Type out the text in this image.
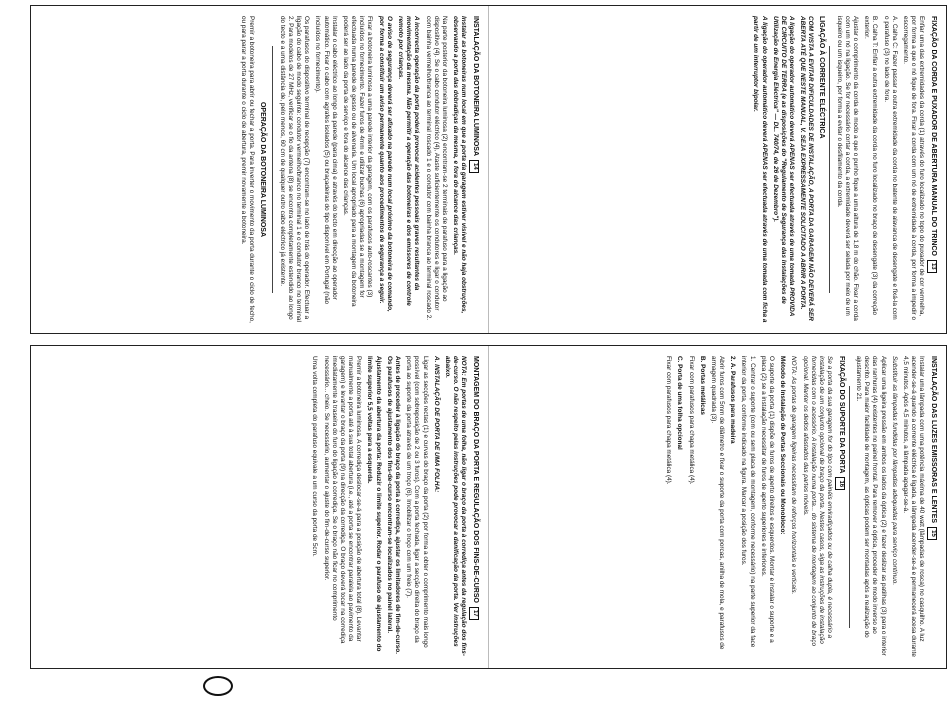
FIXAÇÃO DA CORDA E PUXADOR DE ABERTURA MANUAL DO TRINCO13

Enfiar uma das extremidades da corda (1) através do furo localizado no topo do puxador de cor vermelha, por forma a que o nó fique de fora. Fixar a corda com um nó de extremidade à corda, por forma a impedir o escorregamento.

A. Calha C: Fazer passar a outra extremidade da corda no batente de alavanca de desengate e fixá-la com o parafuso (3) no lado de fora.

B. Calha T: Enfiar a outra extremidade da corda no furo localizado no braço de desengate (3) da correção exterior.

Ajustar o comprimento da corda de modo a que o punho fique a uma altura de 1,8 m do chão. Fixar a corda com um nó na ligação. Se for necessário cortar a corda, a extremidade deverá ser selada por meio de um isqueiro ou um isqueiro, por forma a evitar o desfilamento da corda.

LIGAÇÃO À CORRENTE ELÉCTRICA

COM VISTA A EVITAR DIFICULDADES DE INSTALAÇÃO, A PORTA DA GARAGEM NÃO DEVERÁ SER ABERTA ATÉ QUE NESTE MANUAL, V. SEJA EXPRESSAMENTE SOLICITADO A ABRIR A PORTA.

A ligação do operador automático deverá APENAS ser efectuada através de uma tomada PROVIDA DE CIRCUITO DE TERRA (e as disposições do "Regulamento de Segurança das Instalações de Utilização de Energia Eléctrica" — DL. 740/74, de 26 de Dezembro").

A ligação do operador automático deverá APENAS ser efectuada através de uma tomada com ficha a partir de um interruptor bipolar.

INSTALAÇÃO DA BOTONEIRA LUMINOSA14

Instalar as botoneiras num local em que a porta da garagem estiver visível e não haja obstruções, observando a porta das dobradiças da mesma, e fora do alcance das crianças.

Na parte posterior da botoneira luminosa (2) encontram-se 2 terminais de parafuso para a ligação ao dispositivo (4). Se o cabo condutor eléctrico (4), Ataste suficientemente os condutores e ligar o condutor com bainha vermelho/branca ao terminal roscado 1 e o condutor com bainha branca ao terminal roscado 2.

A incorrecta operação da porta poderá provocar acidentes pessoais graves resultantes da movimentação da mesma. Não permitir a operação das botoneiras e dos emissores de controle remoto por crianças.

O aviso de segurança deverá ser afixado na parede num local próximo da botoneira de comando, por forma a constituir um aviso permanente quanto aos procedimentos de segurança a seguir.

Fixar a botoneira luminosa a uma parede interior da garagem, com os parafusos auto-roscantes (3) incluídos no fornecimento. Fazer furos de 4mm e utilizar buchas (6) apropriadas se a montagem for efectuada numa parede de gesso ou de alvenaria. Um local apropriado para a montagem da botoneira poderá ser ao lado da porta de serviço e fora do alcance das crianças.

Instalar o cabo eléctrico ao longo da parede (para cima) e através do tecto em direcção ao operador automático. Fixar o cabo com agrafes isolados (5) ou braçadeiras do tipo disponível em Portugal (não incluídos no fornecimento).

Os parafusos do dispositivo terminal de recepção (7) encontram-se no lado de trás do operador. Efectuar a ligação do cabo de modo seguinte: condutor vermelho/branco no terminal 1 e o condutor branco no terminal 2. Para modelos de 27 MHz, verificar se o fio da antena (8) se encontra completamente estendido ao longo do tecto e a uma distância de, pelo menos, 60 cm de qualquer outro cabo eléctrico já existente.

OPERAÇÃO DA BOTONEIRA LUMINOSA

Premir a botoneira para abrir ou fechar a porta. Para inverter o movimento da porta durante o ciclo de fecho, ou para parar a porta durante o ciclo de abertura, premir novamente a botoneira.

INSTALAÇÃO DAS LUZES EMISSORAS E LENTES15

Instalar uma lâmpada com uma potência máxima de 40 watt (lâmpadas de rosca) no casquilho. A luz acender-se-á quando a corrente eléctrica é ligada, a lâmpada acender-se-á e permanecerá acesa durante 4,5 minutos. Após 4,5 minutos, a lâmpada apagar-se-á.

Substituir as lâmpadas fundidas por lâmpadas adequadas para serviço contínuo.

Aplicar uma ligeira pressão em ambos os lados da óptica (2) e fazer deslizar as patilhas (3) para o interior das ranhuras (4) existentes no painel frontal. Para remover a óptica, proceder de modo inverso ao descrito. Para maior facilidade de montagem, as ópticas podem ser montadas após a realização do ajustamento 21.

FIXAÇÃO DO SUPORTE DA PORTA16

Se a porta da sua garagem for do tipo com painéis enviradiçados ou de calha dupla, é necessário a instalação de um conjunto opcional de braço da porta. Nestes casos, siga as instruções de instalação fornecidas com o acessório. A instalação numa porta... do sistema de montagem ao conjunto de braço opcional. Manter os dedos afastados das partes móveis.

NOTA: As portas de garagem ligeiras necessitam de reforços horizontais e verticais.

Método de Instalação de Portas Seccionais ou Monobloco:

O suporte da porta (1) dispõe de furos de aperto direitos e esquerdos. Montar e instalar o suporte e a placa (2) se a instalação necessitar de furos de aperto superiores e inferiores.

1. Centrar o suporte (com ou sem placa de montagem, conforme necessário) na parte superior da face interior da porta, conforme indicado na figura. Marcar a posição dos furos.

2. A. Parafusos para madeira

Abrir furos com 5mm de diâmetro e fixar o suporte da porta com porcas, anilha de mola, e parafusos de armagem quadrada (3).

B. Portas metálicas

Fixar com parafusos para chapa metálica (4).

C. Porta de uma folha opcional

Fixar com parafusos para chapa metálica (4).

MONTAGEM DO BRAÇO DA PORTA E REGULAÇÃO DOS FINS-DE-CURSO17

NOTA: Em portas de uma folha, não ligar o braço da porta à corrediça antes da regulação dos fins-de-curso. O não respeito pelas instruções pode provocar a danificação da porta. Ver instruções abaixo.

A. INSTALAÇÃO DE PORTA DE UMA FOLHA:

Ligar as secções rectas (1) e curvas do braço da porta (2) por forma a obter o comprimento mais longo possível (com sobreposição de 2 ou 3 furos). Com a porta fechada, ligar a secção direita do braço da porta ao suporte da porta através de um troço (6). Imobilizar o troço com um freio (7).

Antes de proceder à ligação do braço da porta à corrediça, ajustar os limitadores de fim-de-curso. Os parafusos de ajustamento dos fins-de-curso encontram-se localizados no painel lateral.

Ajustamento da abertura da porta: Reduzir o limite superior. Rodar o parafuso de ajustamento do limite superior 5,5 voltas para a esquerda.

Premir a botoneira luminosa. A corrediça deslocar-se-á para a posição de abertura total (8). Levantar manualmente a porta até à sua total abertura (i.e., até a porta se encontrar paralela ao pavimento da garagem) e levantar o braço da porta (9) na direcção da corrediça. O braço deverá tocar na corrediça imediatamente à traseira do furo do ligação à corrediça. Se o braço não ficar no comprimento necessário... cheio. Se necessário, aumentar o ajuste do fim-de-curso superior.

Uma volta completa do parafuso equivale a um curso da porta de 5cm.
